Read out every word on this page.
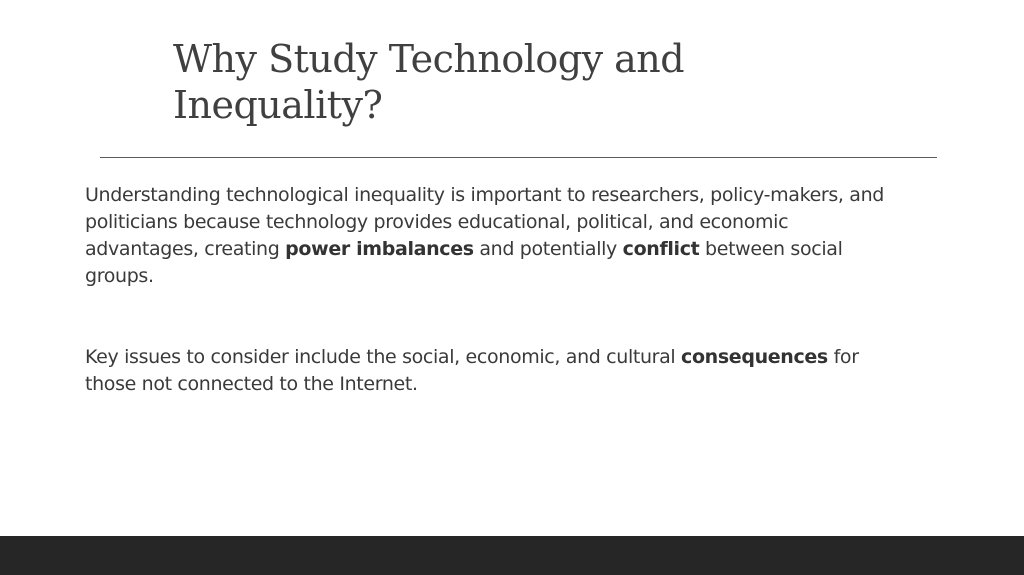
Why Study Technology and Inequality?

Understanding technological inequality is important to researchers, policy-makers, and politicians because technology provides educational, political, and economic advantages, creating power imbalances and potentially conflict between social groups.

Key issues to consider include the social, economic, and cultural consequences for those not connected to the Internet.
